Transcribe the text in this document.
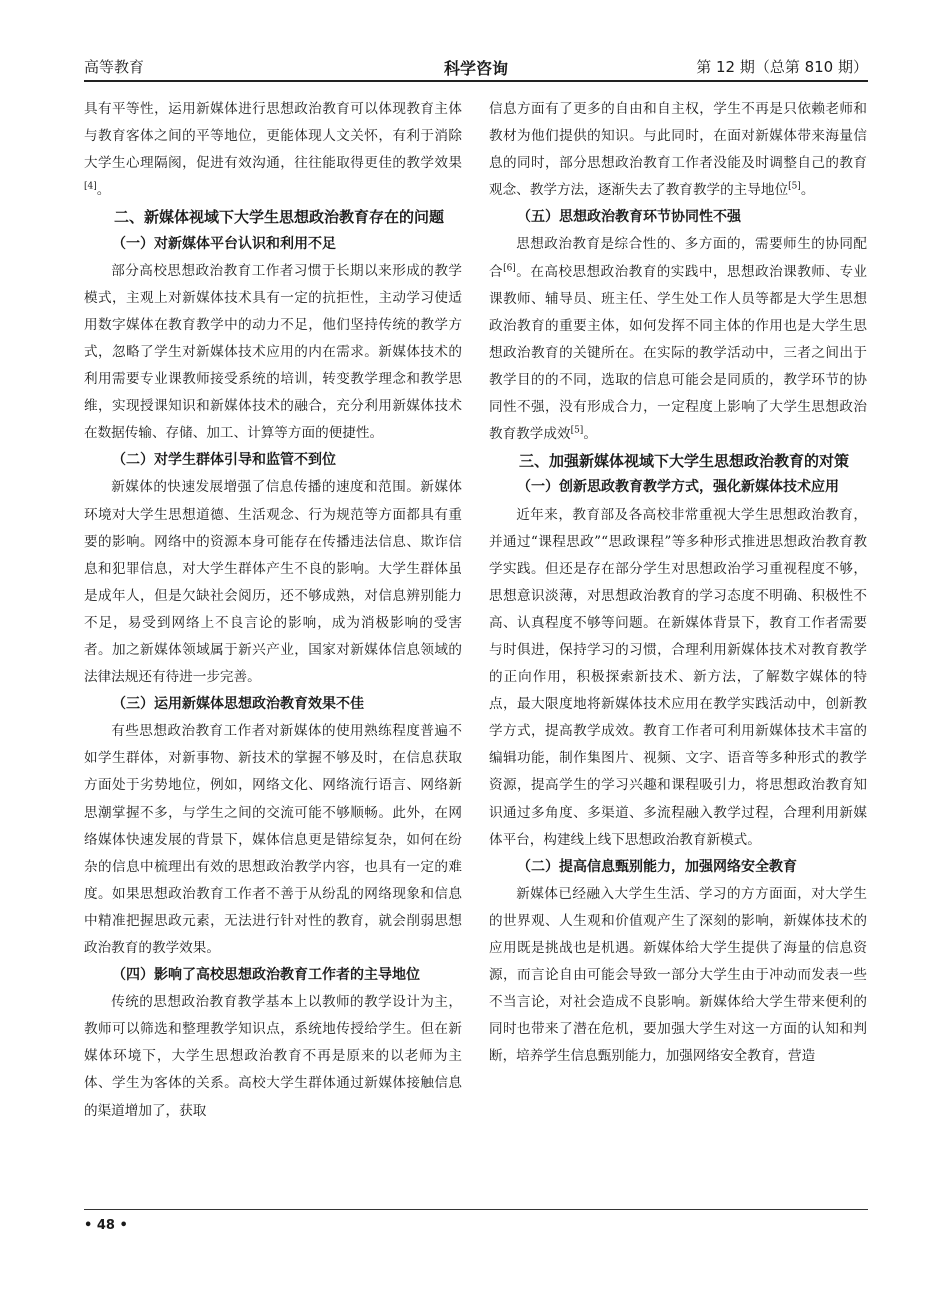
高等教育	科学咨询	第 12 期（总第 810 期）

具有平等性，运用新媒体进行思想政治教育可以体现教育主体与教育客体之间的平等地位，更能体现人文关怀，有利于消除大学生心理隔阂，促进有效沟通，往往能取得更佳的教学效果[4]。

二、新媒体视域下大学生思想政治教育存在的问题
（一）对新媒体平台认识和利用不足

部分高校思想政治教育工作者习惯于长期以来形成的教学模式，主观上对新媒体技术具有一定的抗拒性，主动学习使适用数字媒体在教育教学中的动力不足，他们坚持传统的教学方式，忽略了学生对新媒体技术应用的内在需求。新媒体技术的利用需要专业课教师接受系统的培训，转变教学理念和教学思维，实现授课知识和新媒体技术的融合，充分利用新媒体技术在数据传输、存储、加工、计算等方面的便捷性。

（二）对学生群体引导和监管不到位

新媒体的快速发展增强了信息传播的速度和范围。新媒体环境对大学生思想道德、生活观念、行为规范等方面都具有重要的影响。网络中的资源本身可能存在传播违法信息、欺诈信息和犯罪信息，对大学生群体产生不良的影响。大学生群体虽是成年人，但是欠缺社会阅历，还不够成熟，对信息辨别能力不足，易受到网络上不良言论的影响，成为消极影响的受害者。加之新媒体领域属于新兴产业，国家对新媒体信息领域的法律法规还有待进一步完善。

（三）运用新媒体思想政治教育效果不佳

有些思想政治教育工作者对新媒体的使用熟练程度普遍不如学生群体，对新事物、新技术的掌握不够及时，在信息获取方面处于劣势地位，例如，网络文化、网络流行语言、网络新思潮掌握不多，与学生之间的交流可能不够顺畅。此外，在网络媒体快速发展的背景下，媒体信息更是错综复杂，如何在纷杂的信息中梳理出有效的思想政治教学内容，也具有一定的难度。如果思想政治教育工作者不善于从纷乱的网络现象和信息中精准把握思政元素，无法进行针对性的教育，就会削弱思想政治教育的教学效果。

（四）影响了高校思想政治教育工作者的主导地位

传统的思想政治教育教学基本上以教师的教学设计为主，教师可以筛选和整理教学知识点，系统地传授给学生。但在新媒体环境下，大学生思想政治教育不再是原来的以老师为主体、学生为客体的关系。高校大学生群体通过新媒体接触信息的渠道增加了，获取

信息方面有了更多的自由和自主权，学生不再是只依赖老师和教材为他们提供的知识。与此同时，在面对新媒体带来海量信息的同时，部分思想政治教育工作者没能及时调整自己的教育观念、教学方法，逐渐失去了教育教学的主导地位[5]。

（五）思想政治教育环节协同性不强

思想政治教育是综合性的、多方面的，需要师生的协同配合[6]。在高校思想政治教育的实践中，思想政治课教师、专业课教师、辅导员、班主任、学生处工作人员等都是大学生思想政治教育的重要主体，如何发挥不同主体的作用也是大学生思想政治教育的关键所在。在实际的教学活动中，三者之间出于教学目的的不同，选取的信息可能会是同质的，教学环节的协同性不强，没有形成合力，一定程度上影响了大学生思想政治教育教学成效[5]。

三、加强新媒体视域下大学生思想政治教育的对策
（一）创新思政教育教学方式，强化新媒体技术应用

近年来，教育部及各高校非常重视大学生思想政治教育，并通过“课程思政”“思政课程”等多种形式推进思想政治教育教学实践。但还是存在部分学生对思想政治学习重视程度不够，思想意识淡薄，对思想政治教育的学习态度不明确、积极性不高、认真程度不够等问题。在新媒体背景下，教育工作者需要与时俱进，保持学习的习惯，合理利用新媒体技术对教育教学的正向作用，积极探索新技术、新方法，了解数字媒体的特点，最大限度地将新媒体技术应用在教学实践活动中，创新教学方式，提高教学成效。教育工作者可利用新媒体技术丰富的编辑功能，制作集图片、视频、文字、语音等多种形式的教学资源，提高学生的学习兴趣和课程吸引力，将思想政治教育知识通过多角度、多渠道、多流程融入教学过程，合理利用新媒体平台，构建线上线下思想政治教育新模式。

（二）提高信息甄别能力，加强网络安全教育

新媒体已经融入大学生生活、学习的方方面面，对大学生的世界观、人生观和价值观产生了深刻的影响，新媒体技术的应用既是挑战也是机遇。新媒体给大学生提供了海量的信息资源，而言论自由可能会导致一部分大学生由于冲动而发表一些不当言论，对社会造成不良影响。新媒体给大学生带来便利的同时也带来了潜在危机，要加强大学生对这一方面的认知和判断，培养学生信息甄别能力，加强网络安全教育，营造

• 48 •
